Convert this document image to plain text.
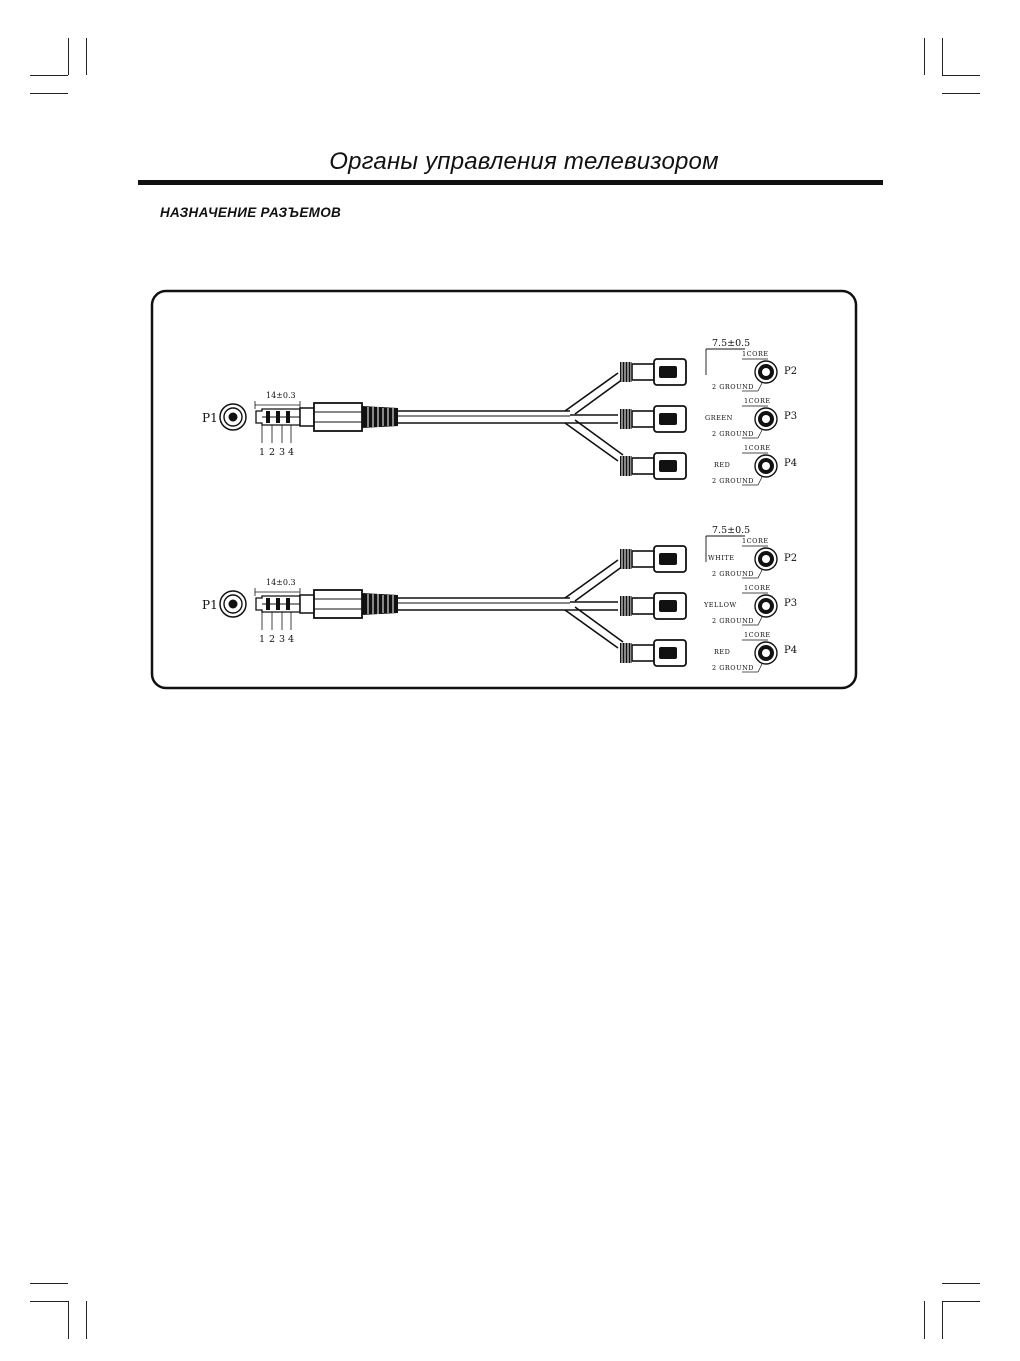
Органы управления телевизором
НАЗНАЧЕНИЕ РАЗЪЕМОВ
P1
14±0.3
1 2 3 4
7.5±0.5
1CORE
2 GROUND
P2
1CORE
GREEN
2 GROUND
P3
1CORE
RED
2 GROUND
P4
P1
14±0.3
1 2 3 4
7.5±0.5
1CORE
WHITE
2 GROUND
P2
1CORE
YELLOW
2 GROUND
P3
1CORE
RED
2 GROUND
P4
